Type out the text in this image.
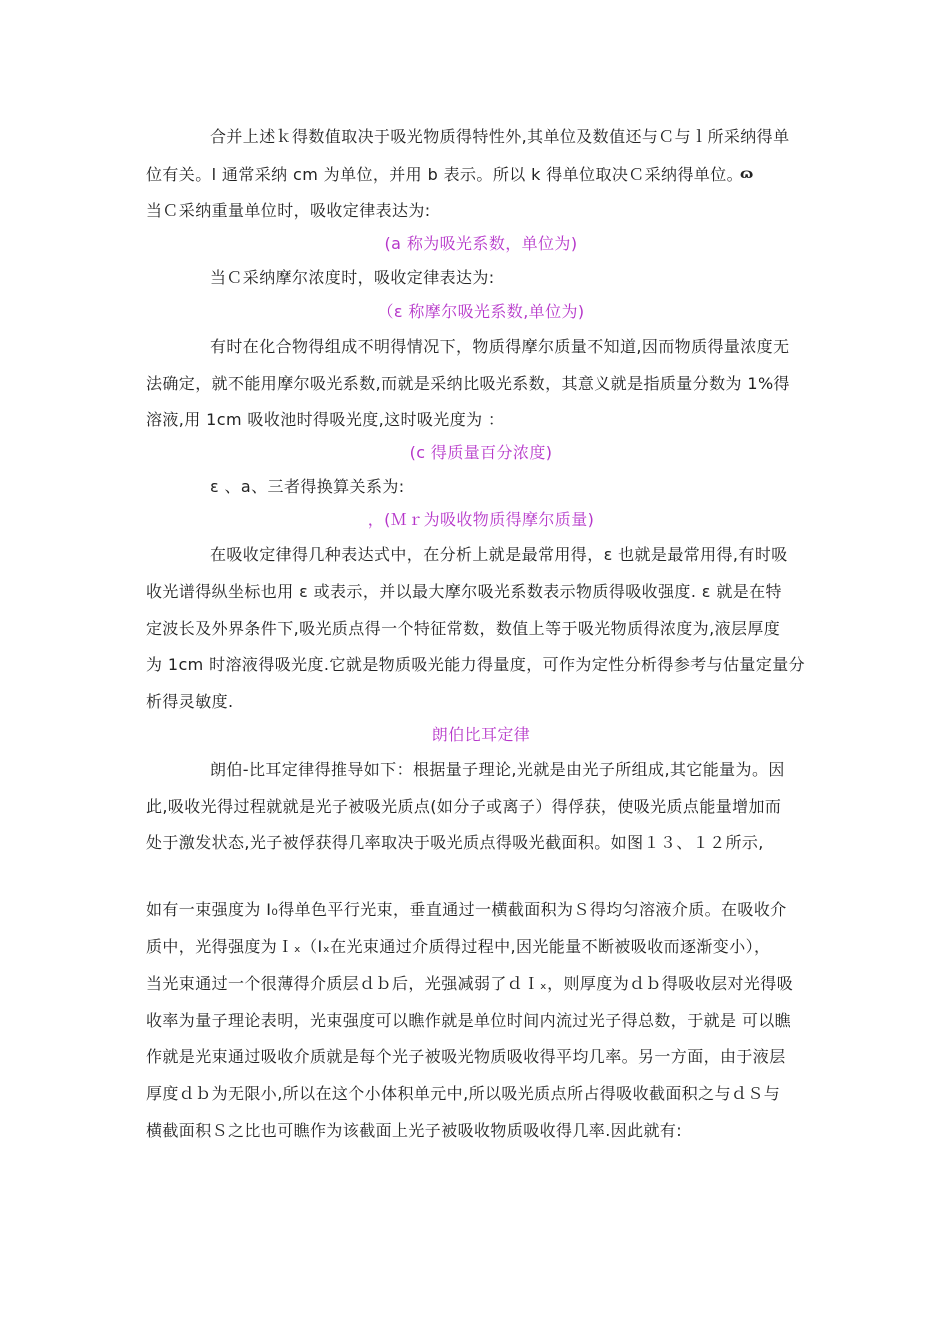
合并上述ｋ得数值取决于吸光物质得特性外,其单位及数值还与Ｃ与ｌ所采纳得单
位有关。l 通常采纳 cm 为单位，并用 b 表示。所以 k 得单位取决Ｃ采纳得单位。
ɷ
当Ｃ采纳重量单位时，吸收定律表达为:
(a 称为吸光系数，单位为)
当Ｃ采纳摩尔浓度时，吸收定律表达为:
（ε 称摩尔吸光系数,单位为)
有时在化合物得组成不明得情况下，物质得摩尔质量不知道,因而物质得量浓度无
法确定，就不能用摩尔吸光系数,而就是采纳比吸光系数，其意义就是指质量分数为 1%得
溶液,用 1cm 吸收池时得吸光度,这时吸光度为 ：
(c 得质量百分浓度)
ε 、a、三者得换算关系为:
，(Ｍｒ为吸收物质得摩尔质量)
在吸收定律得几种表达式中，在分析上就是最常用得，ε 也就是最常用得,有时吸
收光谱得纵坐标也用 ε 或表示，并以最大摩尔吸光系数表示物质得吸收强度. ε 就是在特
定波长及外界条件下,吸光质点得一个特征常数，数值上等于吸光物质得浓度为,液层厚度
为 1cm 时溶液得吸光度.它就是物质吸光能力得量度，可作为定性分析得参考与估量定量分
析得灵敏度.
朗伯比耳定律
朗伯-比耳定律得推导如下：根据量子理论,光就是由光子所组成,其它能量为。因
此,吸收光得过程就就是光子被吸光质点(如分子或离子）得俘获，使吸光质点能量增加而
处于激发状态,光子被俘获得几率取决于吸光质点得吸光截面积。如图１３、１２所示,
如有一束强度为 I₀得单色平行光束，垂直通过一横截面积为Ｓ得均匀溶液介质。在吸收介
质中，光得强度为Ｉₓ（Iₓ在光束通过介质得过程中,因光能量不断被吸收而逐渐变小），
当光束通过一个很薄得介质层ｄｂ后，光强减弱了ｄＩₓ，则厚度为ｄｂ得吸收层对光得吸
收率为量子理论表明，光束强度可以瞧作就是单位时间内流过光子得总数，于就是 可以瞧
作就是光束通过吸收介质就是每个光子被吸光物质吸收得平均几率。另一方面，由于液层
厚度ｄｂ为无限小,所以在这个小体积单元中,所以吸光质点所占得吸收截面积之与ｄＳ与
横截面积Ｓ之比也可瞧作为该截面上光子被吸收物质吸收得几率.因此就有:
